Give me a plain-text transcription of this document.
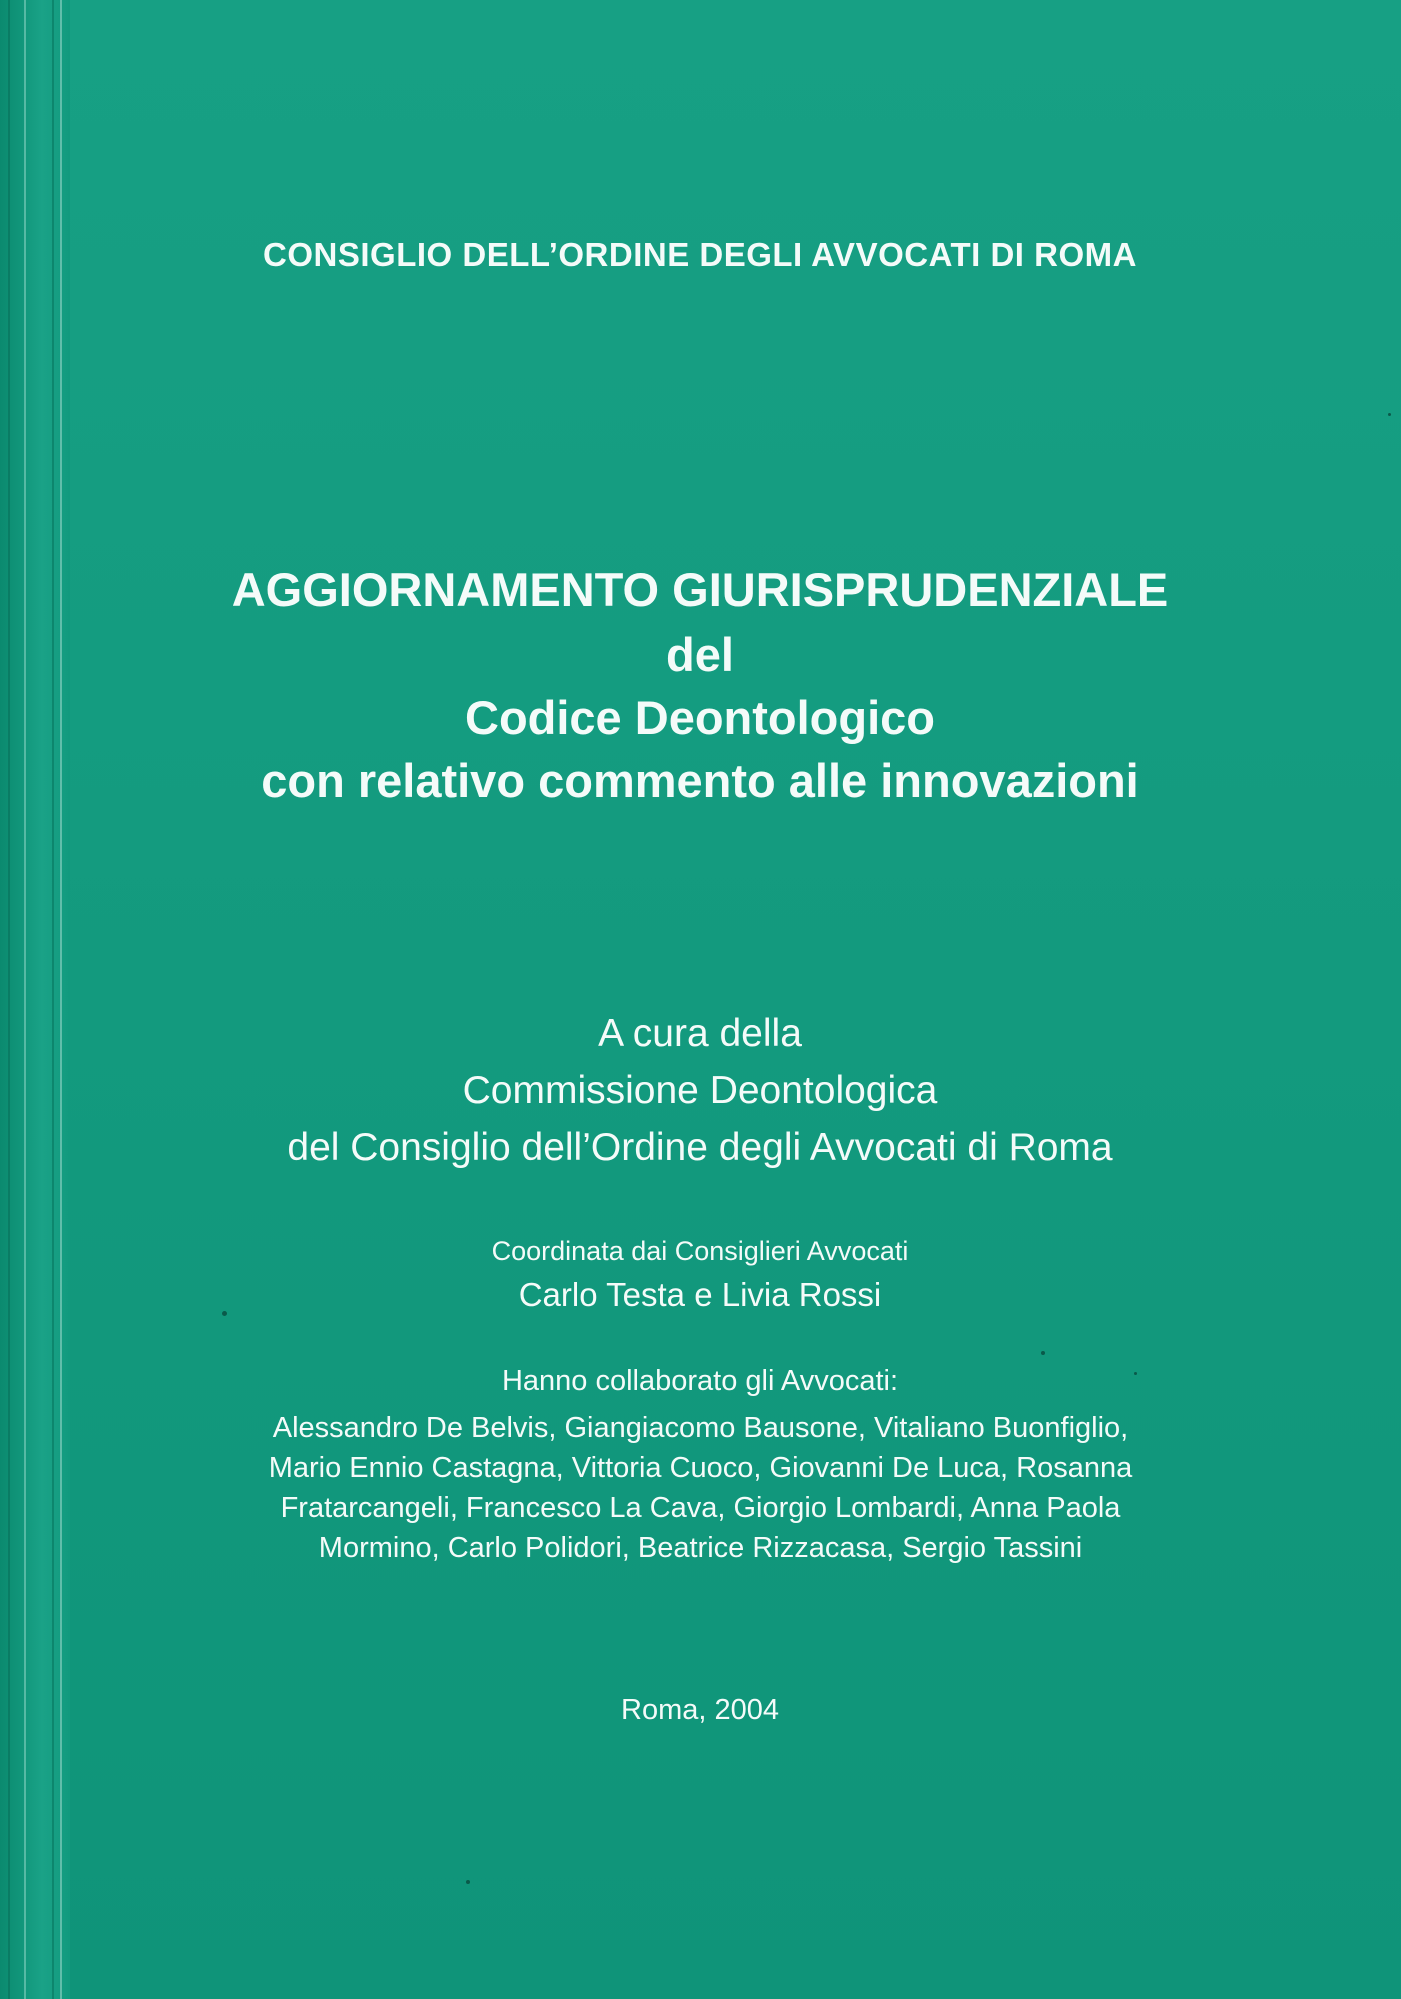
CONSIGLIO DELL’ORDINE DEGLI AVVOCATI DI ROMA
AGGIORNAMENTO GIURISPRUDENZIALE
del
Codice Deontologico
con relativo commento alle innovazioni
A cura della
Commissione Deontologica
del Consiglio dell’Ordine degli Avvocati di Roma
Coordinata dai Consiglieri Avvocati
Carlo Testa e Livia Rossi
Hanno collaborato gli Avvocati:
Alessandro De Belvis, Giangiacomo Bausone, Vitaliano Buonfiglio,
Mario Ennio Castagna, Vittoria Cuoco, Giovanni De Luca, Rosanna
Fratarcangeli, Francesco La Cava, Giorgio Lombardi, Anna Paola
Mormino, Carlo Polidori, Beatrice Rizzacasa, Sergio Tassini
Roma, 2004
